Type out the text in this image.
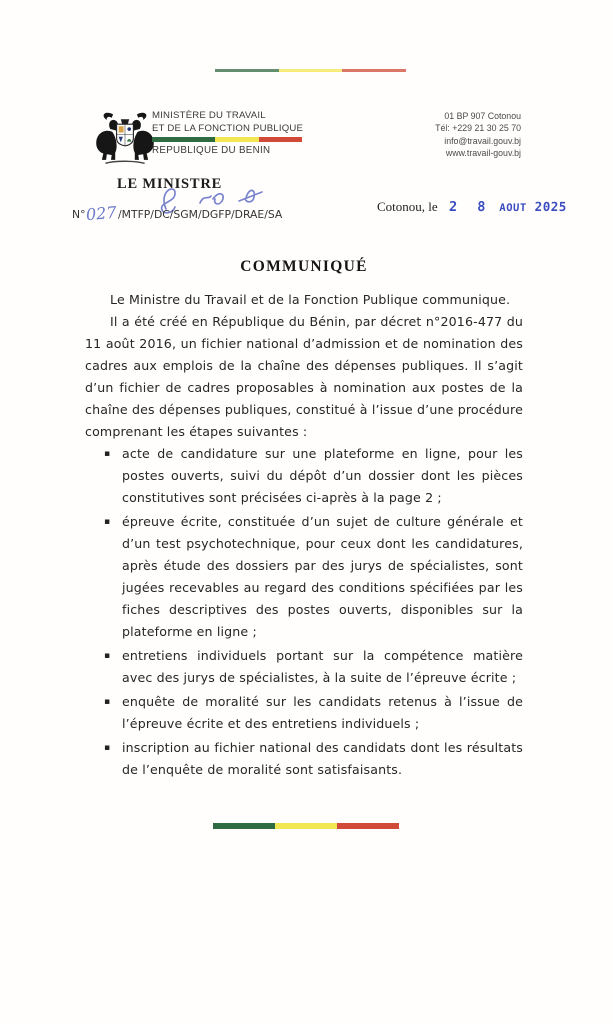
MINISTÈRE DU TRAVAIL
ET DE LA FONCTION PUBLIQUE
REPUBLIQUE DU BENIN
01 BP 907 Cotonou
Tél: +229 21 30 25 70
info@travail.gouv.bj
www.travail-gouv.bj
LE MINISTRE
N°027/MTFP/DC/SGM/DGFP/DRAE/SA
Cotonou, le 2 8 AOUT 2025
COMMUNIQUÉ

Le Ministre du Travail et de la Fonction Publique communique.

Il a été créé en République du Bénin, par décret n°2016-477 du 11 août 2016, un fichier national d’admission et de nomination des cadres aux emplois de la chaîne des dépenses publiques. Il s’agit d’un fichier de cadres proposables à nomination aux postes de la chaîne des dépenses publiques, constitué à l’issue d’une procédure comprenant les étapes suivantes :

▪ acte de candidature sur une plateforme en ligne, pour les postes ouverts, suivi du dépôt d’un dossier dont les pièces constitutives sont précisées ci-après à la page 2 ;
▪ épreuve écrite, constituée d’un sujet de culture générale et d’un test psychotechnique, pour ceux dont les candidatures, après étude des dossiers par des jurys de spécialistes, sont jugées recevables au regard des conditions spécifiées par les fiches descriptives des postes ouverts, disponibles sur la plateforme en ligne ;
▪ entretiens individuels portant sur la compétence matière avec des jurys de spécialistes, à la suite de l’épreuve écrite ;
▪ enquête de moralité sur les candidats retenus à l’issue de l’épreuve écrite et des entretiens individuels ;
▪ inscription au fichier national des candidats dont les résultats de l’enquête de moralité sont satisfaisants.
